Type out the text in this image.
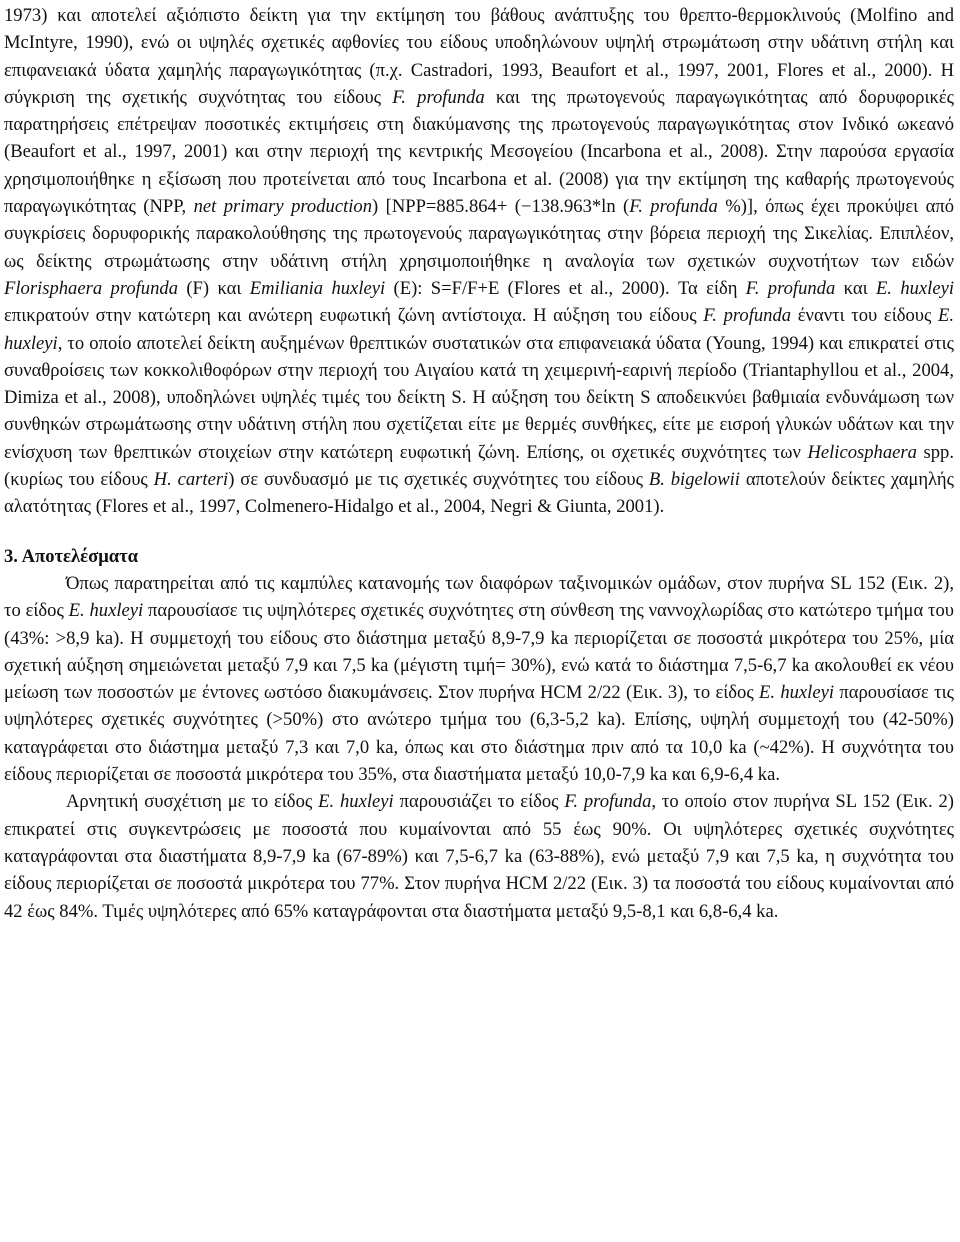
1973) και αποτελεί αξιόπιστο δείκτη για την εκτίμηση του βάθους ανάπτυξης του θρεπτο-θερμοκλινούς (Molfino and McIntyre, 1990), ενώ οι υψηλές σχετικές αφθονίες του είδους υποδηλώνουν υψηλή στρωμάτωση στην υδάτινη στήλη και επιφανειακά ύδατα χαμηλής παραγωγικότητας (π.χ. Castradori, 1993, Beaufort et al., 1997, 2001, Flores et al., 2000). Η σύγκριση της σχετικής συχνότητας του είδους F. profunda και της πρωτογενούς παραγωγικότητας από δορυφορικές παρατηρήσεις επέτρεψαν ποσοτικές εκτιμήσεις στη διακύμανσης της πρωτογενούς παραγωγικότητας στον Ινδικό ωκεανό (Beaufort et al., 1997, 2001) και στην περιοχή της κεντρικής Μεσογείου (Incarbona et al., 2008). Στην παρούσα εργασία χρησιμοποιήθηκε η εξίσωση που προτείνεται από τους Incarbona et al. (2008) για την εκτίμηση της καθαρής πρωτογενούς παραγωγικότητας (NPP, net primary production) [NPP=885.864+ (−138.963*ln (F. profunda %)], όπως έχει προκύψει από συγκρίσεις δορυφορικής παρακολούθησης της πρωτογενούς παραγωγικότητας στην βόρεια περιοχή της Σικελίας. Επιπλέον, ως δείκτης στρωμάτωσης στην υδάτινη στήλη χρησιμοποιήθηκε η αναλογία των σχετικών συχνοτήτων των ειδών Florisphaera profunda (F) και Emiliania huxleyi (E): S=F/F+E (Flores et al., 2000). Τα είδη F. profunda και E. huxleyi επικρατούν στην κατώτερη και ανώτερη ευφωτική ζώνη αντίστοιχα. Η αύξηση του είδους F. profunda έναντι του είδους E. huxleyi, το οποίο αποτελεί δείκτη αυξημένων θρεπτικών συστατικών στα επιφανειακά ύδατα (Young, 1994) και επικρατεί στις συναθροίσεις των κοκκολιθοφόρων στην περιοχή του Αιγαίου κατά τη χειμερινή-εαρινή περίοδο (Triantaphyllou et al., 2004, Dimiza et al., 2008), υποδηλώνει υψηλές τιμές του δείκτη S. Η αύξηση του δείκτη S αποδεικνύει βαθμιαία ενδυνάμωση των συνθηκών στρωμάτωσης στην υδάτινη στήλη που σχετίζεται είτε με θερμές συνθήκες, είτε με εισροή γλυκών υδάτων και την ενίσχυση των θρεπτικών στοιχείων στην κατώτερη ευφωτική ζώνη. Επίσης, οι σχετικές συχνότητες των Helicosphaera spp. (κυρίως του είδους H. carteri) σε συνδυασμό με τις σχετικές συχνότητες του είδους B. bigelowii αποτελούν δείκτες χαμηλής αλατότητας (Flores et al., 1997, Colmenero-Hidalgo et al., 2004, Negri & Giunta, 2001).

3. Αποτελέσματα

Όπως παρατηρείται από τις καμπύλες κατανομής των διαφόρων ταξινομικών ομάδων, στον πυρήνα SL 152 (Εικ. 2), το είδος E. huxleyi παρουσίασε τις υψηλότερες σχετικές συχνότητες στη σύνθεση της ναννοχλωρίδας στο κατώτερο τμήμα του (43%: >8,9 ka). Η συμμετοχή του είδους στο διάστημα μεταξύ 8,9-7,9 ka περιορίζεται σε ποσοστά μικρότερα του 25%, μία σχετική αύξηση σημειώνεται μεταξύ 7,9 και 7,5 ka (μέγιστη τιμή= 30%), ενώ κατά το διάστημα 7,5-6,7 ka ακολουθεί εκ νέου μείωση των ποσοστών με έντονες ωστόσο διακυμάνσεις. Στον πυρήνα HCM 2/22 (Εικ. 3), το είδος E. huxleyi παρουσίασε τις υψηλότερες σχετικές συχνότητες (>50%) στο ανώτερο τμήμα του (6,3-5,2 ka). Επίσης, υψηλή συμμετοχή του (42-50%) καταγράφεται στο διάστημα μεταξύ 7,3 και 7,0 ka, όπως και στο διάστημα πριν από τα 10,0 ka (~42%). Η συχνότητα του είδους περιορίζεται σε ποσοστά μικρότερα του 35%, στα διαστήματα μεταξύ 10,0-7,9 ka και 6,9-6,4 ka.

Αρνητική συσχέτιση με το είδος E. huxleyi παρουσιάζει το είδος F. profunda, το οποίο στον πυρήνα SL 152 (Εικ. 2) επικρατεί στις συγκεντρώσεις με ποσοστά που κυμαίνονται από 55 έως 90%. Οι υψηλότερες σχετικές συχνότητες καταγράφονται στα διαστήματα 8,9-7,9 ka (67-89%) και 7,5-6,7 ka (63-88%), ενώ μεταξύ 7,9 και 7,5 ka, η συχνότητα του είδους περιορίζεται σε ποσοστά μικρότερα του 77%. Στον πυρήνα HCM 2/22 (Εικ. 3) τα ποσοστά του είδους κυμαίνονται από 42 έως 84%. Τιμές υψηλότερες από 65% καταγράφονται στα διαστήματα μεταξύ 9,5-8,1 και 6,8-6,4 ka.
